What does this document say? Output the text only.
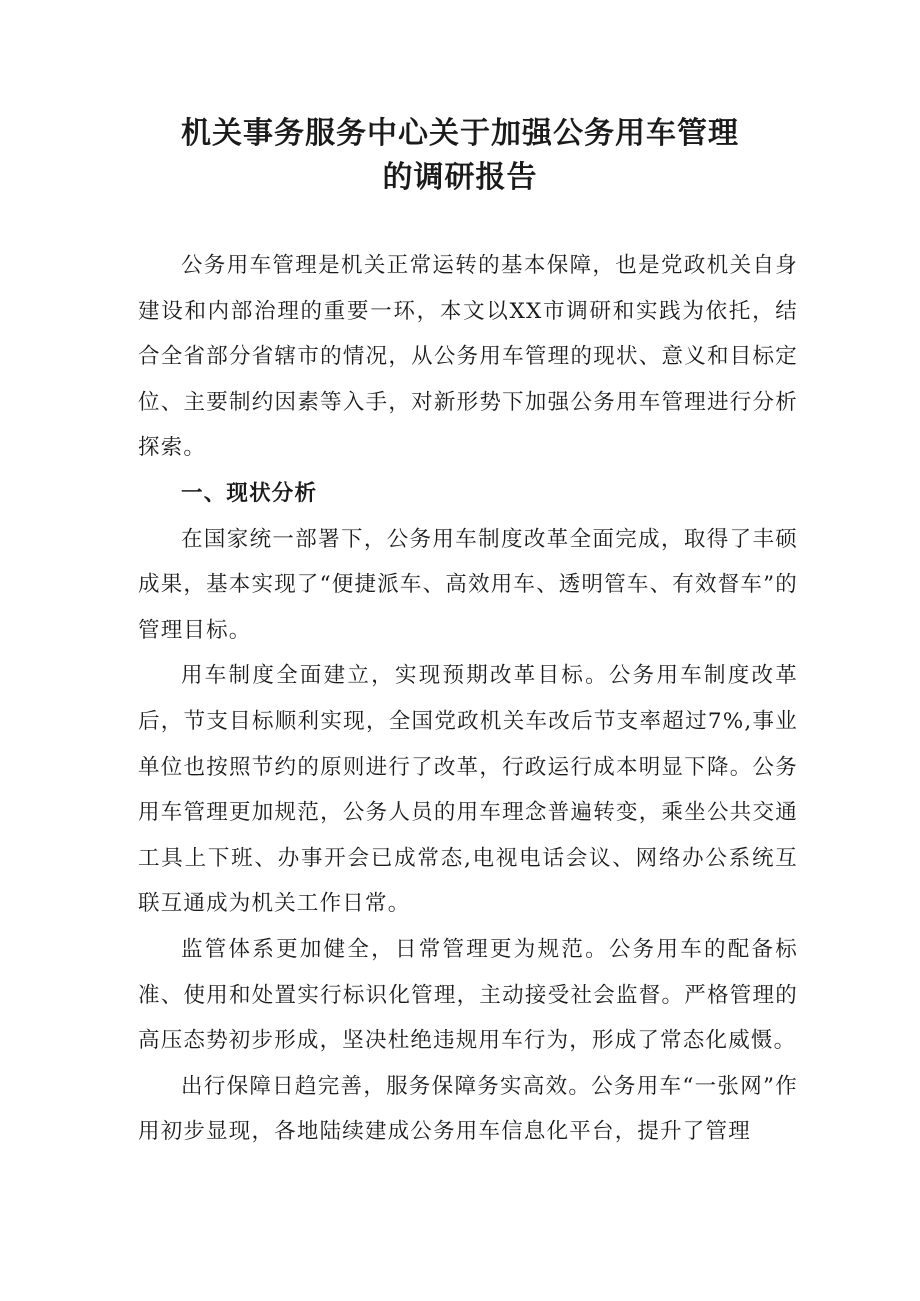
机关事务服务中心关于加强公务用车管理
的调研报告

公务用车管理是机关正常运转的基本保障，也是党政机关自身建设和内部治理的重要一环，本文以XX市调研和实践为依托，结合全省部分省辖市的情况，从公务用车管理的现状、意义和目标定位、主要制约因素等入手，对新形势下加强公务用车管理进行分析探索。

一、现状分析

在国家统一部署下，公务用车制度改革全面完成，取得了丰硕成果，基本实现了“便捷派车、高效用车、透明管车、有效督车”的管理目标。

用车制度全面建立，实现预期改革目标。公务用车制度改革后，节支目标顺利实现，全国党政机关车改后节支率超过7%,事业单位也按照节约的原则进行了改革，行政运行成本明显下降。公务用车管理更加规范，公务人员的用车理念普遍转变，乘坐公共交通工具上下班、办事开会已成常态,电视电话会议、网络办公系统互联互通成为机关工作日常。

监管体系更加健全，日常管理更为规范。公务用车的配备标准、使用和处置实行标识化管理，主动接受社会监督。严格管理的高压态势初步形成，坚决杜绝违规用车行为，形成了常态化威慑。

出行保障日趋完善，服务保障务实高效。公务用车“一张网”作用初步显现，各地陆续建成公务用车信息化平台，提升了管理
